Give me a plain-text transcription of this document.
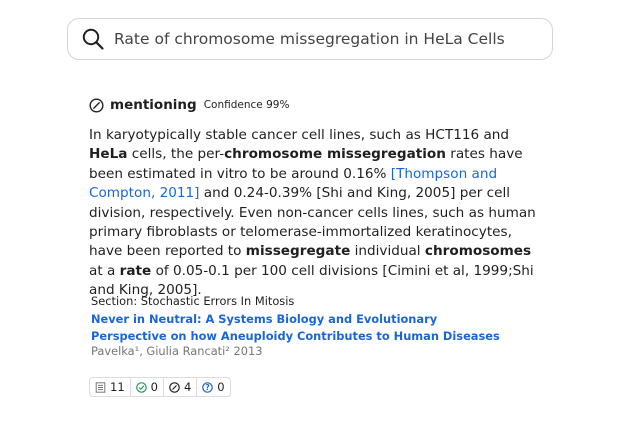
Rate of chromosome missegregation in HeLa Cells
mentioning Confidence 99%
In karyotypically stable cancer cell lines, such as HCT116 and HeLa cells, the per-chromosome missegregation rates have been estimated in vitro to be around 0.16% [Thompson and Compton, 2011] and 0.24-0.39% [Shi and King, 2005] per cell division, respectively. Even non-cancer cells lines, such as human primary fibroblasts or telomerase-immortalized keratinocytes, have been reported to missegregate individual chromosomes at a rate of 0.05-0.1 per 100 cell divisions [Cimini et al, 1999;Shi and King, 2005].
Section: Stochastic Errors In Mitosis
Never in Neutral: A Systems Biology and Evolutionary Perspective on how Aneuploidy Contributes to Human Diseases
Pavelka¹, Giulia Rancati² 2013
11 0 4 ? 0
